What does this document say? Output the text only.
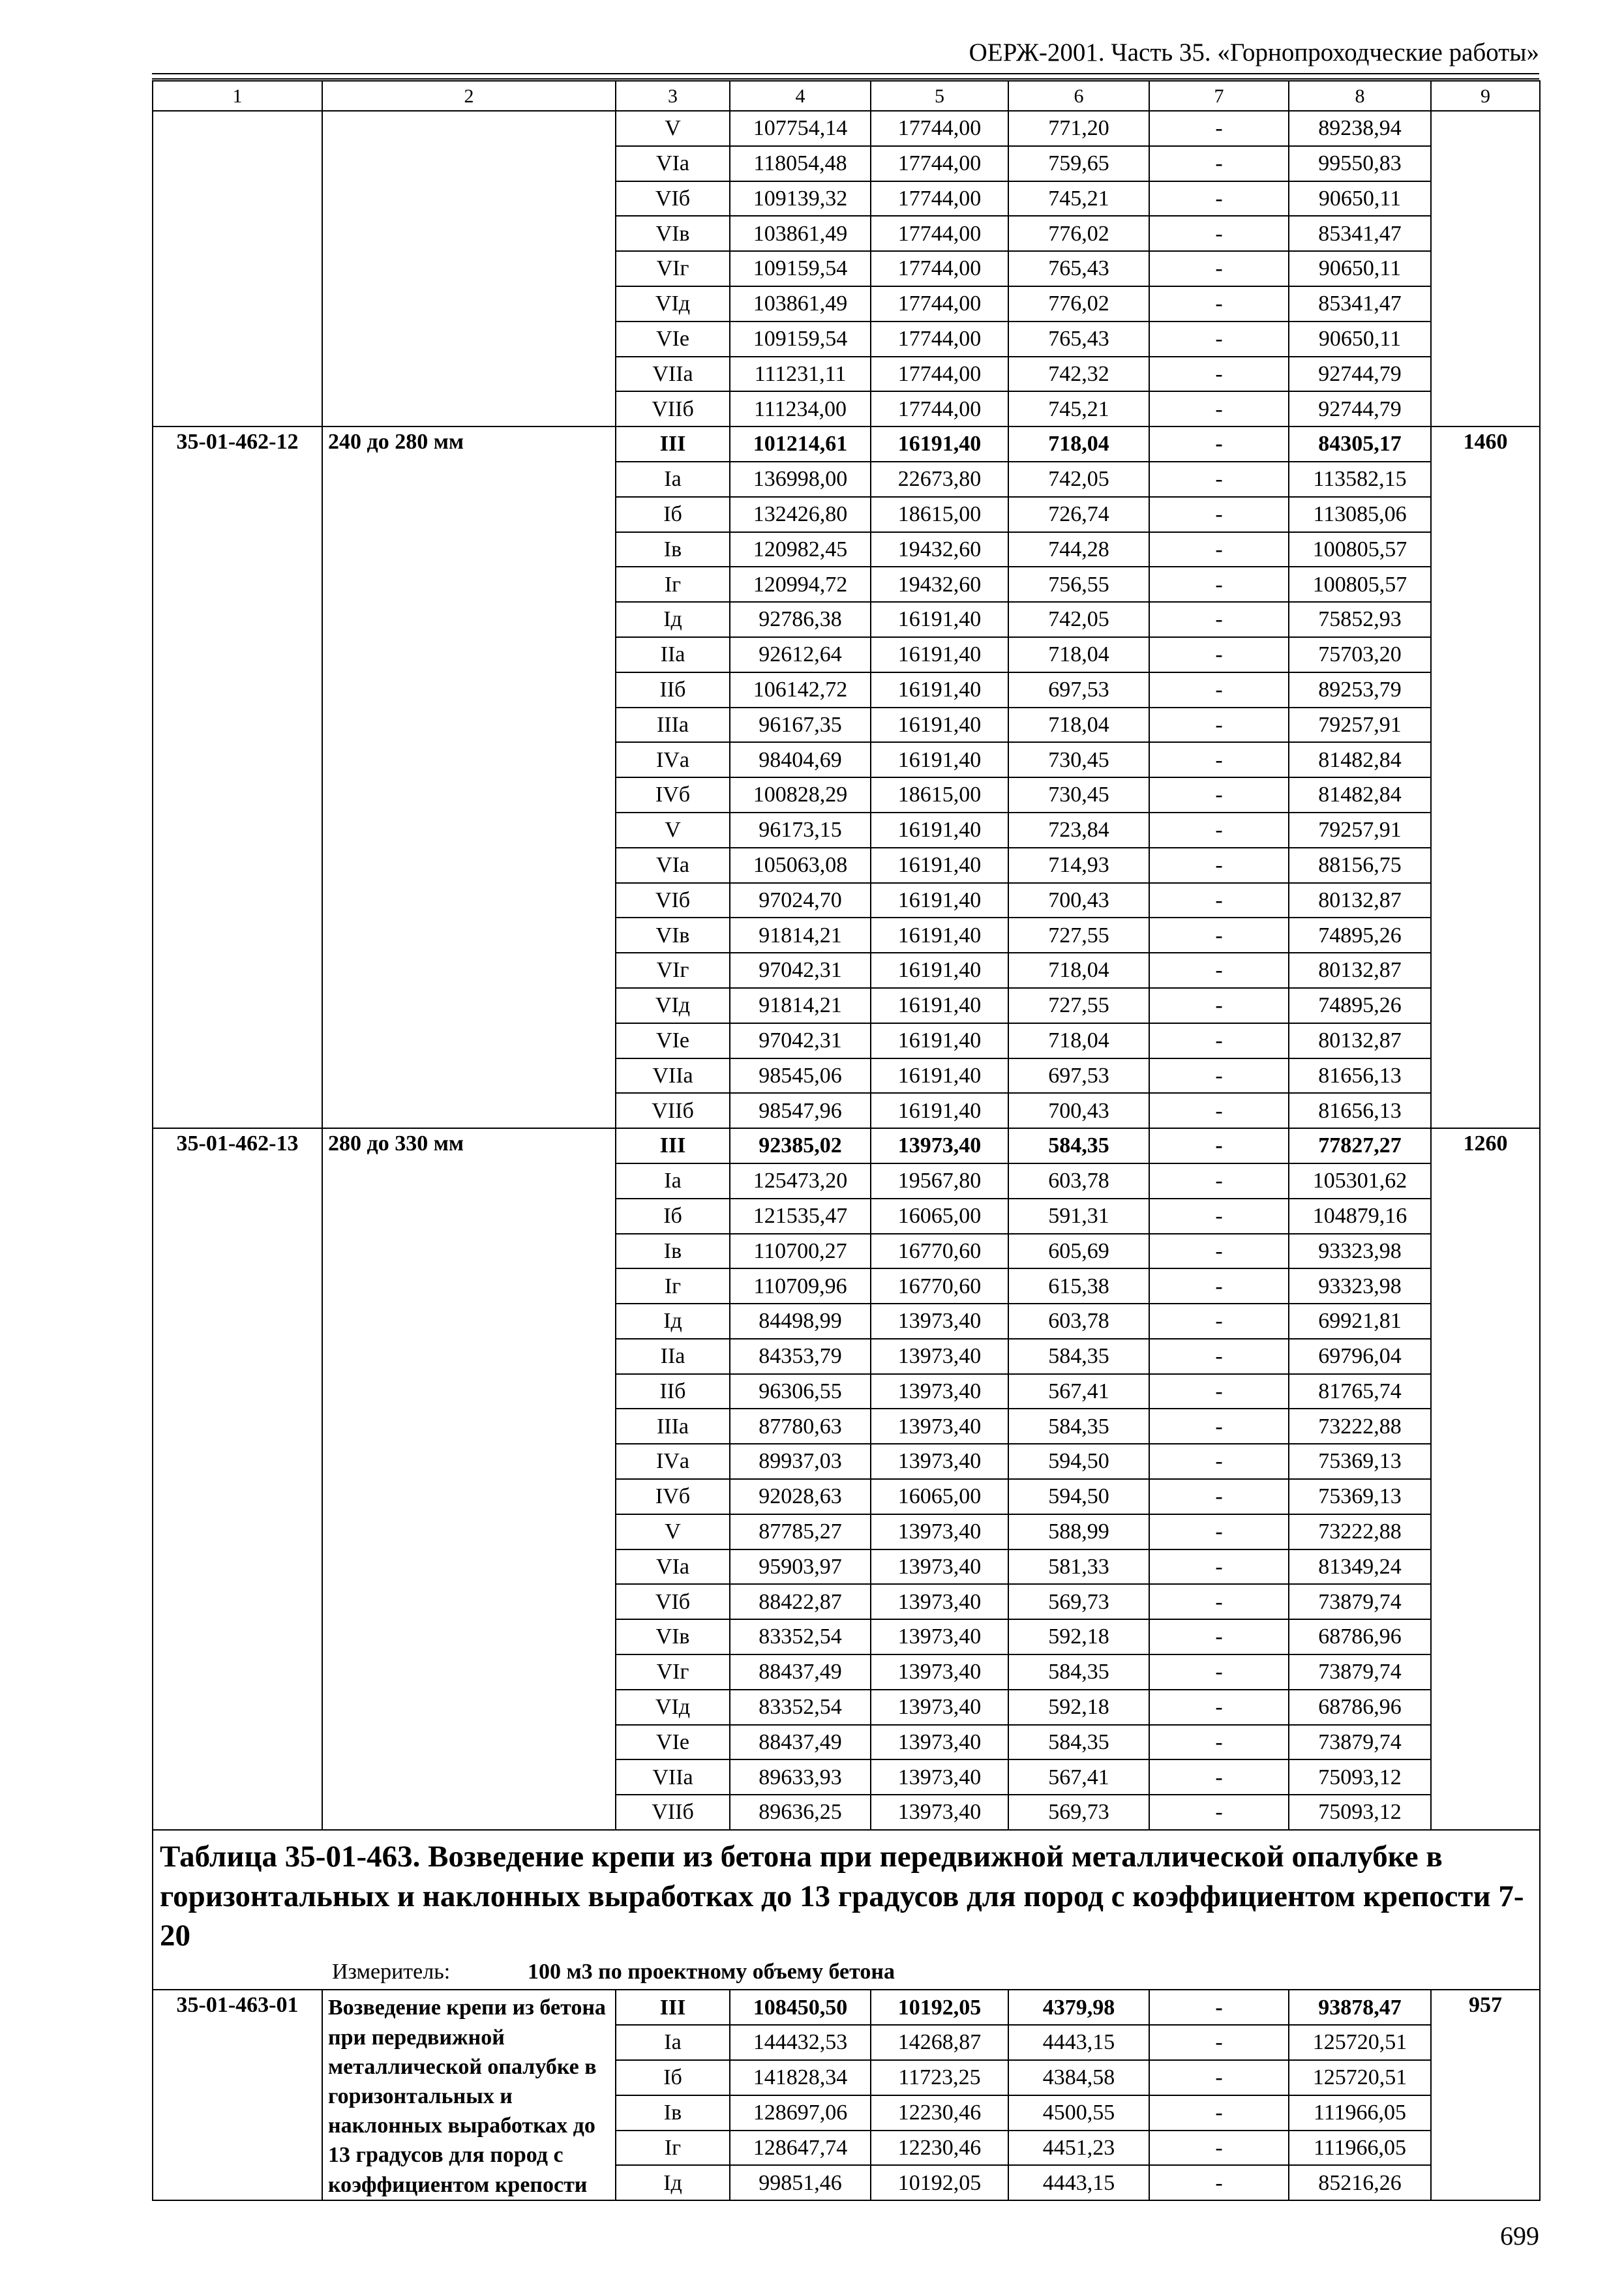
ОЕРЖ-2001. Часть 35. «Горнопроходческие работы»
1	2	3	4	5	6	7	8	9
		V	107754,14	17744,00	771,20	-	89238,94	
		VIа	118054,48	17744,00	759,65	-	99550,83	
		VIб	109139,32	17744,00	745,21	-	90650,11	
		VIв	103861,49	17744,00	776,02	-	85341,47	
		VIг	109159,54	17744,00	765,43	-	90650,11	
		VIд	103861,49	17744,00	776,02	-	85341,47	
		VIе	109159,54	17744,00	765,43	-	90650,11	
		VIIа	111231,11	17744,00	742,32	-	92744,79	
		VIIб	111234,00	17744,00	745,21	-	92744,79	
35-01-462-12	240 до 280 мм	III	101214,61	16191,40	718,04	-	84305,17	1460
		Iа	136998,00	22673,80	742,05	-	113582,15	
		Iб	132426,80	18615,00	726,74	-	113085,06	
		Iв	120982,45	19432,60	744,28	-	100805,57	
		Iг	120994,72	19432,60	756,55	-	100805,57	
		Iд	92786,38	16191,40	742,05	-	75852,93	
		IIа	92612,64	16191,40	718,04	-	75703,20	
		IIб	106142,72	16191,40	697,53	-	89253,79	
		IIIа	96167,35	16191,40	718,04	-	79257,91	
		IVа	98404,69	16191,40	730,45	-	81482,84	
		IVб	100828,29	18615,00	730,45	-	81482,84	
		V	96173,15	16191,40	723,84	-	79257,91	
		VIа	105063,08	16191,40	714,93	-	88156,75	
		VIб	97024,70	16191,40	700,43	-	80132,87	
		VIв	91814,21	16191,40	727,55	-	74895,26	
		VIг	97042,31	16191,40	718,04	-	80132,87	
		VIд	91814,21	16191,40	727,55	-	74895,26	
		VIе	97042,31	16191,40	718,04	-	80132,87	
		VIIа	98545,06	16191,40	697,53	-	81656,13	
		VIIб	98547,96	16191,40	700,43	-	81656,13	
35-01-462-13	280 до 330 мм	III	92385,02	13973,40	584,35	-	77827,27	1260
		Iа	125473,20	19567,80	603,78	-	105301,62	
		Iб	121535,47	16065,00	591,31	-	104879,16	
		Iв	110700,27	16770,60	605,69	-	93323,98	
		Iг	110709,96	16770,60	615,38	-	93323,98	
		Iд	84498,99	13973,40	603,78	-	69921,81	
		IIа	84353,79	13973,40	584,35	-	69796,04	
		IIб	96306,55	13973,40	567,41	-	81765,74	
		IIIа	87780,63	13973,40	584,35	-	73222,88	
		IVа	89937,03	13973,40	594,50	-	75369,13	
		IVб	92028,63	16065,00	594,50	-	75369,13	
		V	87785,27	13973,40	588,99	-	73222,88	
		VIа	95903,97	13973,40	581,33	-	81349,24	
		VIб	88422,87	13973,40	569,73	-	73879,74	
		VIв	83352,54	13973,40	592,18	-	68786,96	
		VIг	88437,49	13973,40	584,35	-	73879,74	
		VIд	83352,54	13973,40	592,18	-	68786,96	
		VIе	88437,49	13973,40	584,35	-	73879,74	
		VIIа	89633,93	13973,40	567,41	-	75093,12	
		VIIб	89636,25	13973,40	569,73	-	75093,12	

Таблица 35-01-463. Возведение крепи из бетона при передвижной металлической опалубке в горизонтальных и наклонных выработках до 13 градусов для пород с коэффициентом крепости 7-20
Измеритель: 100 м3 по проектному объему бетона								

35-01-463-01	Возведение крепи из бетона при передвижной металлической опалубке в горизонтальных и наклонных выработках до 13 градусов для пород с коэффициентом крепости	III	108450,50	10192,05	4379,98	-	93878,47	957
		Iа	144432,53	14268,87	4443,15	-	125720,51	
		Iб	141828,34	11723,25	4384,58	-	125720,51	
		Iв	128697,06	12230,46	4500,55	-	111966,05	
		Iг	128647,74	12230,46	4451,23	-	111966,05	
		Iд	99851,46	10192,05	4443,15	-	85216,26	
699
